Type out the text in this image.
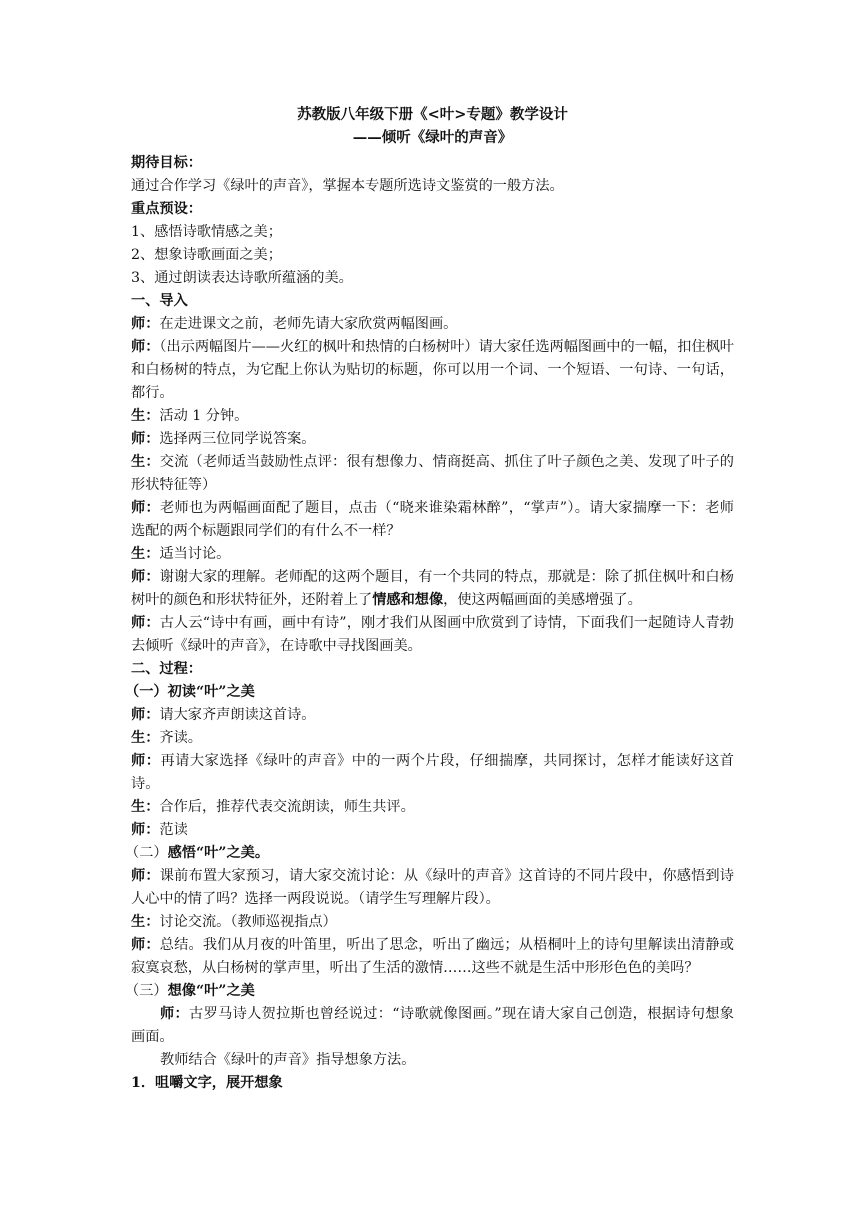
苏教版八年级下册《<叶>专题》教学设计
——倾听《绿叶的声音》
期待目标：
通过合作学习《绿叶的声音》，掌握本专题所选诗文鉴赏的一般方法。
重点预设：
1、感悟诗歌情感之美；
2、想象诗歌画面之美；
3、通过朗读表达诗歌所蕴涵的美。
一、导入
师：在走进课文之前，老师先请大家欣赏两幅图画。
师：（出示两幅图片——火红的枫叶和热情的白杨树叶）请大家任选两幅图画中的一幅，扣住枫叶和白杨树的特点，为它配上你认为贴切的标题，你可以用一个词、一个短语、一句诗、一句话，都行。
生：活动 1 分钟。
师：选择两三位同学说答案。
生：交流（老师适当鼓励性点评：很有想像力、情商挺高、抓住了叶子颜色之美、发现了叶子的形状特征等）
师：老师也为两幅画面配了题目，点击（“晓来谁染霜林醉”，“掌声”）。请大家揣摩一下：老师选配的两个标题跟同学们的有什么不一样？
生：适当讨论。
师：谢谢大家的理解。老师配的这两个题目，有一个共同的特点，那就是：除了抓住枫叶和白杨树叶的颜色和形状特征外，还附着上了情感和想像，使这两幅画面的美感增强了。
师：古人云“诗中有画，画中有诗”，刚才我们从图画中欣赏到了诗情，下面我们一起随诗人青勃去倾听《绿叶的声音》，在诗歌中寻找图画美。
二、过程：
（一）初读“叶”之美
师：请大家齐声朗读这首诗。
生：齐读。
师：再请大家选择《绿叶的声音》中的一两个片段，仔细揣摩，共同探讨，怎样才能读好这首诗。
生：合作后，推荐代表交流朗读，师生共评。
师：范读
（二）感悟“叶”之美。
师：课前布置大家预习，请大家交流讨论：从《绿叶的声音》这首诗的不同片段中，你感悟到诗人心中的情了吗？选择一两段说说。（请学生写理解片段）。
生：讨论交流。（教师巡视指点）
师：总结。我们从月夜的叶笛里，听出了思念，听出了幽远；从梧桐叶上的诗句里解读出清静或寂寞哀愁，从白杨树的掌声里，听出了生活的激情……这些不就是生活中形形色色的美吗？
（三）想像“叶”之美
师：古罗马诗人贺拉斯也曾经说过：“诗歌就像图画。”现在请大家自己创造，根据诗句想象画面。
教师结合《绿叶的声音》指导想象方法。
1．咀嚼文字，展开想象
